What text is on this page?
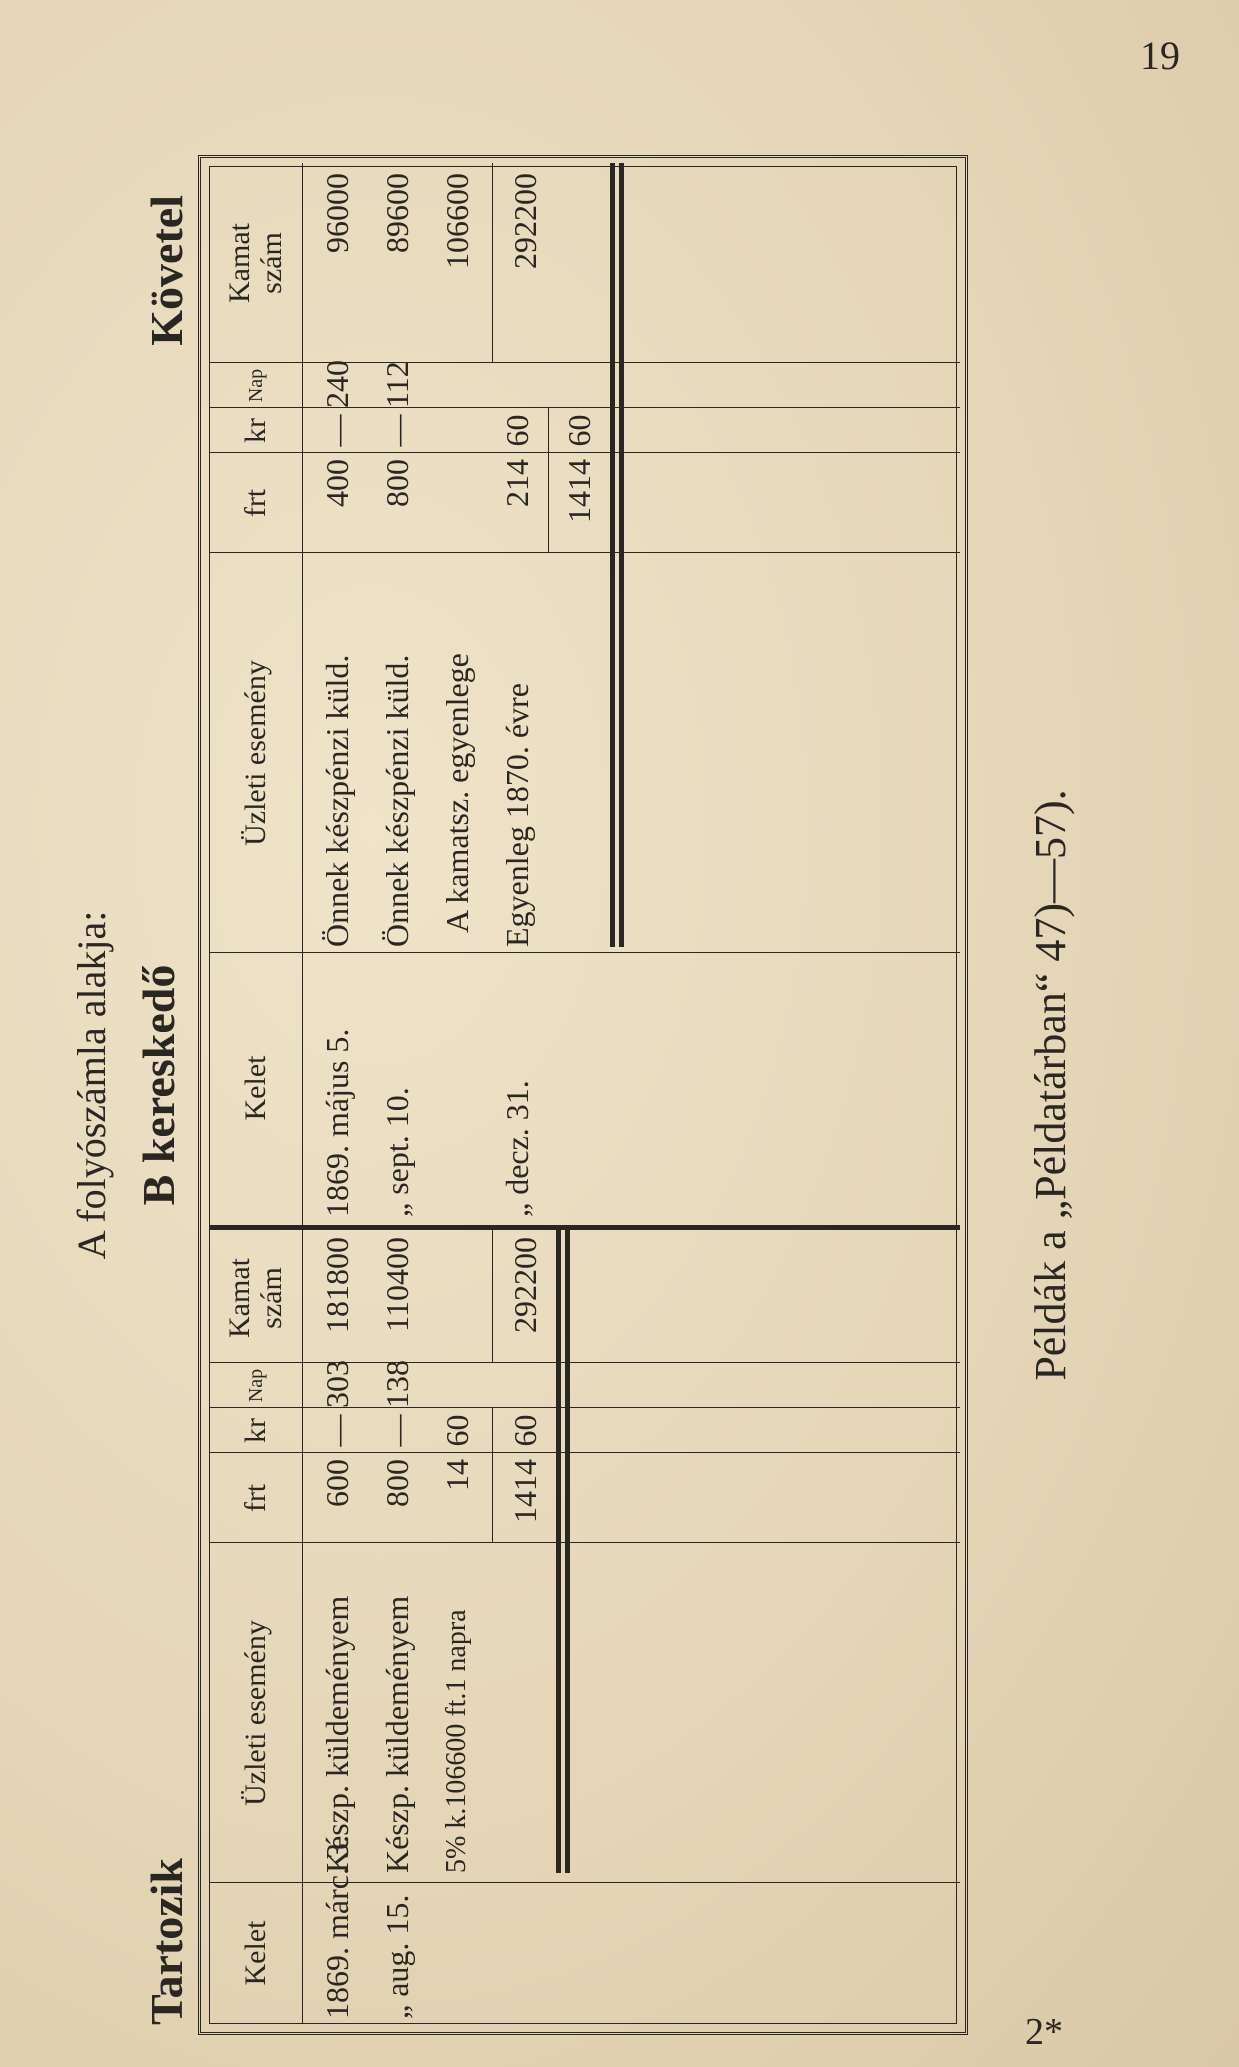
19
2*
A folyószámla alakja: B kereskedő
Tartozik
Követel
Kelet
Üzleti esemény
frt
kr
Nap
Kamat szám
Kelet
Üzleti esemény
frt
kr
Nap
Kamat szám
1869. márc. 3.
Készp. küldeményem
600
—
303
181800
„ aug. 15.
Készp. küldeményem
800
—
138
110400
5% k.106600 ft.1 napra
14
60
1414
60
292200
1869. május 5.
Önnek készpénzi küld.
400
—
240
96000
„ sept. 10.
Önnek készpénzi küld.
800
—
112
89600
A kamatsz. egyenlege
106600
„ decz. 31.
Egyenleg 1870. évre
214
60
1414
60
292200
Példák a „Példatárban“ 47)—57).
